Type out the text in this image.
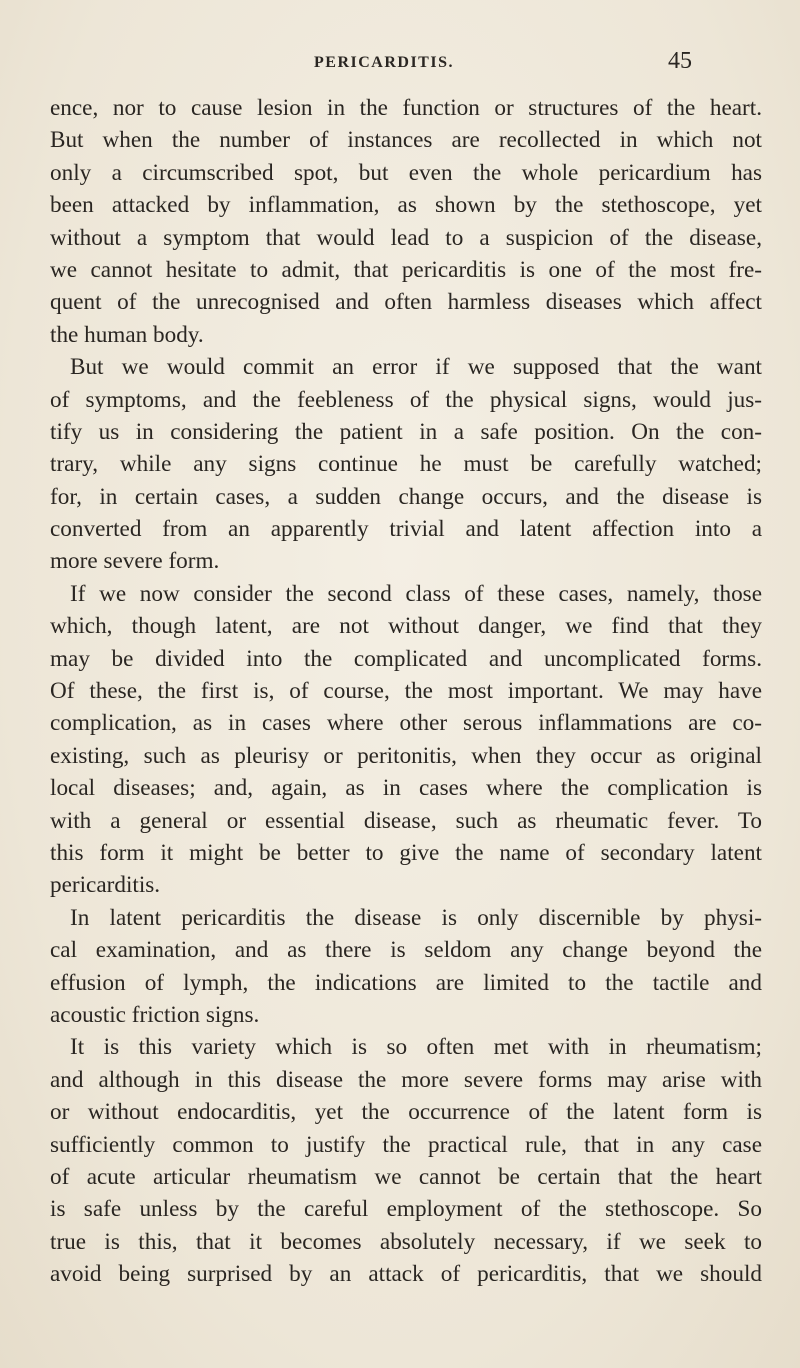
PERICARDITIS.	45
ence, nor to cause lesion in the function or structures of the heart.
But when the number of instances are recollected in which not
only a circumscribed spot, but even the whole pericardium has
been attacked by inflammation, as shown by the stethoscope, yet
without a symptom that would lead to a suspicion of the disease,
we cannot hesitate to admit, that pericarditis is one of the most fre-
quent of the unrecognised and often harmless diseases which affect
the human body.
But we would commit an error if we supposed that the want
of symptoms, and the feebleness of the physical signs, would jus-
tify us in considering the patient in a safe position. On the con-
trary, while any signs continue he must be carefully watched;
for, in certain cases, a sudden change occurs, and the disease is
converted from an apparently trivial and latent affection into a
more severe form.
If we now consider the second class of these cases, namely, those
which, though latent, are not without danger, we find that they
may be divided into the complicated and uncomplicated forms.
Of these, the first is, of course, the most important. We may have
complication, as in cases where other serous inflammations are co-
existing, such as pleurisy or peritonitis, when they occur as original
local diseases; and, again, as in cases where the complication is
with a general or essential disease, such as rheumatic fever. To
this form it might be better to give the name of secondary latent
pericarditis.
In latent pericarditis the disease is only discernible by physi-
cal examination, and as there is seldom any change beyond the
effusion of lymph, the indications are limited to the tactile and
acoustic friction signs.
It is this variety which is so often met with in rheumatism;
and although in this disease the more severe forms may arise with
or without endocarditis, yet the occurrence of the latent form is
sufficiently common to justify the practical rule, that in any case
of acute articular rheumatism we cannot be certain that the heart
is safe unless by the careful employment of the stethoscope. So
true is this, that it becomes absolutely necessary, if we seek to
avoid being surprised by an attack of pericarditis, that we should
